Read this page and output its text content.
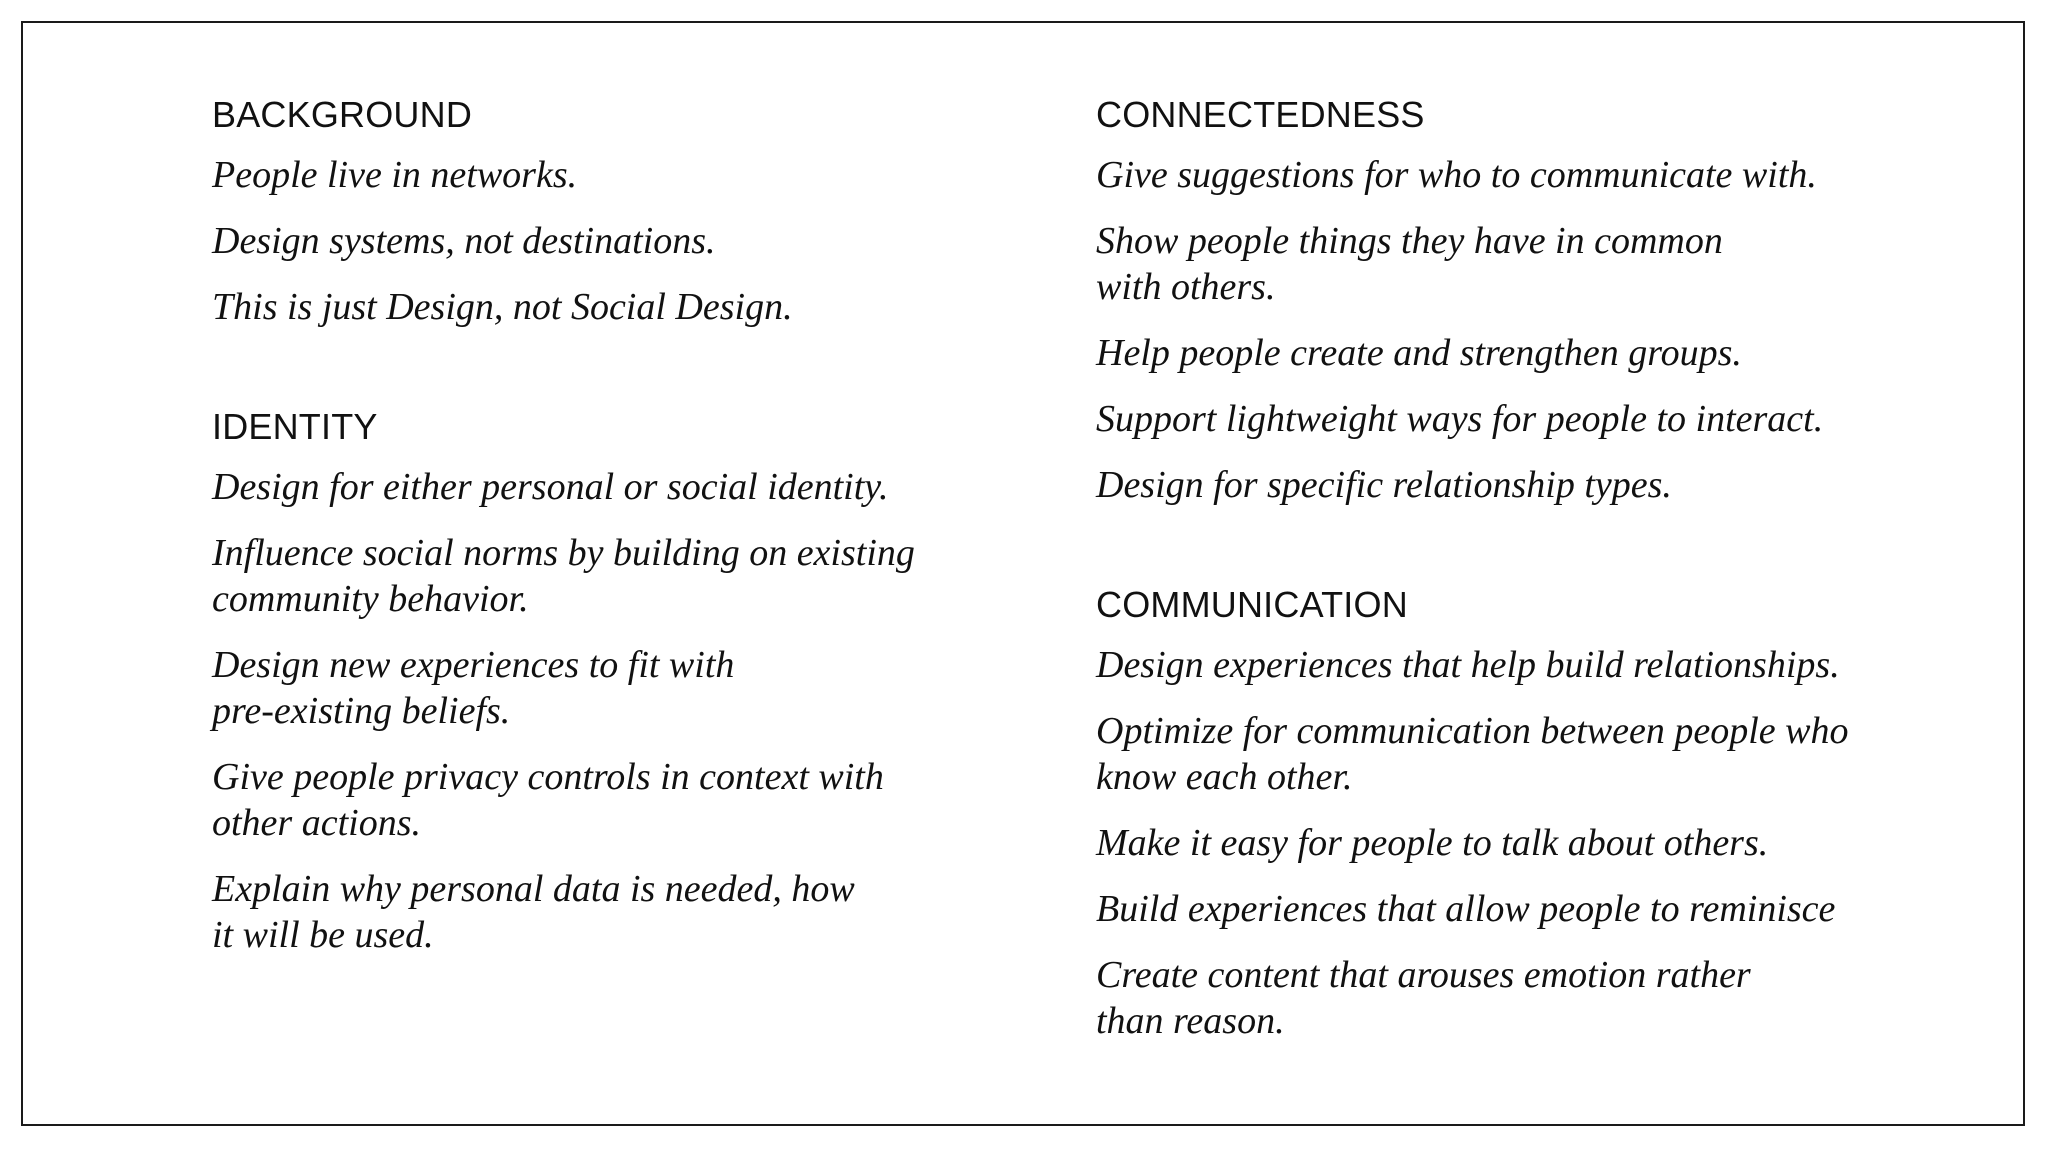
BACKGROUND

People live in networks.

Design systems, not destinations.

This is just Design, not Social Design.

IDENTITY

Design for either personal or social identity.

Influence social norms by building on existing
community behavior.

Design new experiences to fit with
pre-existing beliefs.

Give people privacy controls in context with
other actions.

Explain why personal data is needed, how
it will be used.

CONNECTEDNESS

Give suggestions for who to communicate with.

Show people things they have in common
with others.

Help people create and strengthen groups.

Support lightweight ways for people to interact.

Design for specific relationship types.

COMMUNICATION

Design experiences that help build relationships.

Optimize for communication between people who
know each other.

Make it easy for people to talk about others.

Build experiences that allow people to reminisce

Create content that arouses emotion rather
than reason.
